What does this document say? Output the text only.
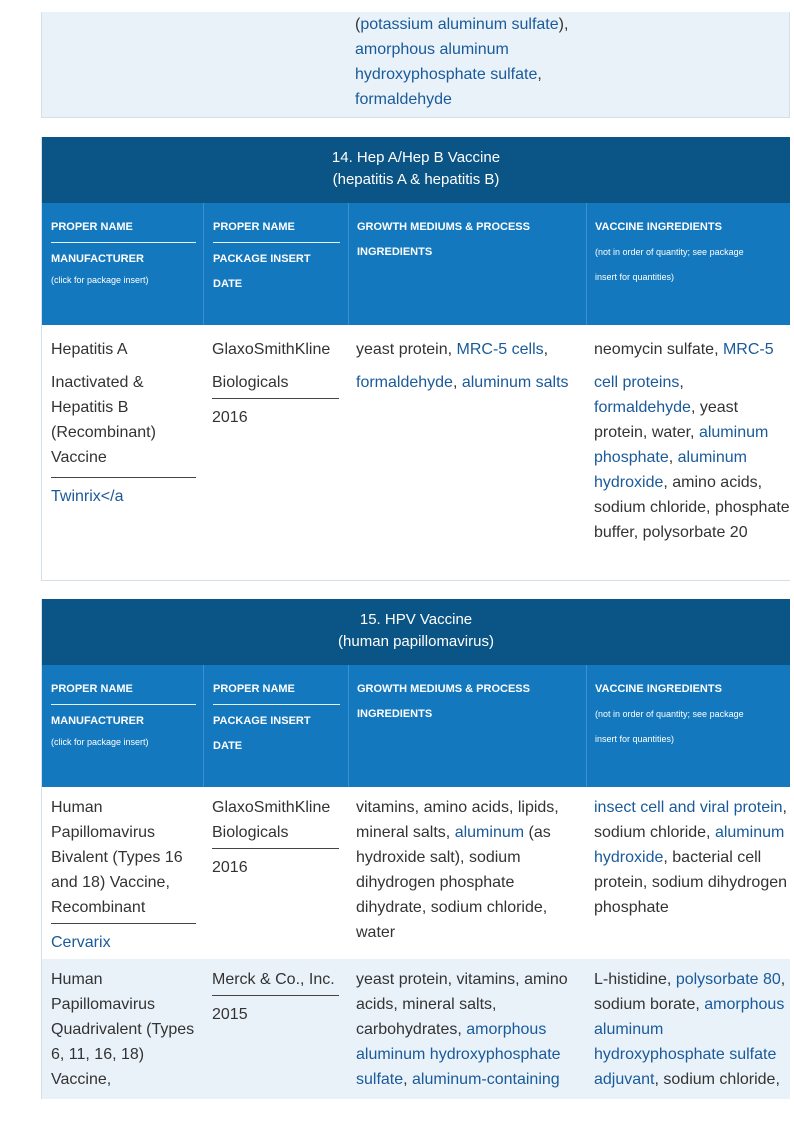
(potassium aluminum sulfate),
amorphous aluminum
hydroxyphosphate sulfate,
formaldehyde
14. Hep A/Hep B Vaccine
(hepatitis A & hepatitis B)
PROPER NAME
MANUFACTURER
(click for package insert)
PROPER NAME
PACKAGE INSERT
DATE
GROWTH MEDIUMS & PROCESS
INGREDIENTS
VACCINE INGREDIENTS
(not in order of quantity; see package
insert for quantities)
Hepatitis A
Inactivated & Hepatitis B (Recombinant) Vaccine
Twinrix</a
GlaxoSmithKline
Biologicals
2016
yeast protein, MRC-5 cells,
formaldehyde, aluminum salts
neomycin sulfate, MRC-5
cell proteins,
formaldehyde, yeast protein, water, aluminum phosphate, aluminum hydroxide, amino acids, sodium chloride, phosphate buffer, polysorbate 20
15. HPV Vaccine
(human papillomavirus)
PROPER NAME
MANUFACTURER
(click for package insert)
PROPER NAME
PACKAGE INSERT
DATE
GROWTH MEDIUMS & PROCESS
INGREDIENTS
VACCINE INGREDIENTS
(not in order of quantity; see package
insert for quantities)
Human Papillomavirus Bivalent (Types 16 and 18) Vaccine, Recombinant
Cervarix
GlaxoSmithKline Biologicals
2016
vitamins, amino acids, lipids, mineral salts, aluminum (as hydroxide salt), sodium dihydrogen phosphate dihydrate, sodium chloride, water
insect cell and viral protein, sodium chloride, aluminum hydroxide, bacterial cell protein, sodium dihydrogen phosphate
Human Papillomavirus Quadrivalent (Types 6, 11, 16, 18) Vaccine,
Merck & Co., Inc.
2015
yeast protein, vitamins, amino acids, mineral salts, carbohydrates, amorphous aluminum hydroxyphosphate sulfate, aluminum-containing
L-histidine, polysorbate 80, sodium borate, amorphous aluminum hydroxyphosphate sulfate adjuvant, sodium chloride,
